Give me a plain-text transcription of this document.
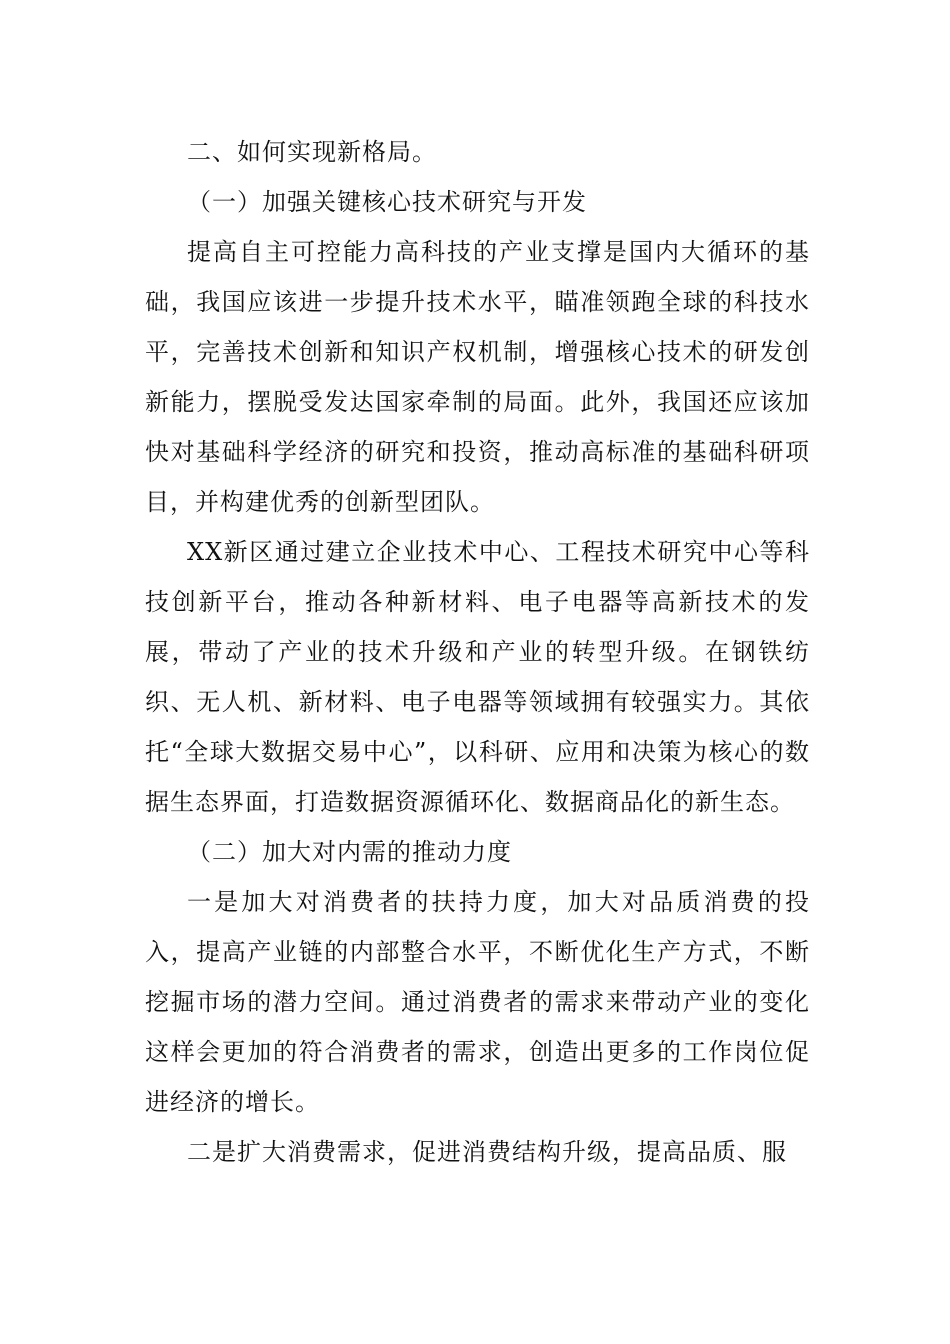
二、如何实现新格局。

（一）加强关键核心技术研究与开发

提高自主可控能力高科技的产业支撑是国内大循环的基础，我国应该进一步提升技术水平，瞄准领跑全球的科技水平，完善技术创新和知识产权机制，增强核心技术的研发创新能力，摆脱受发达国家牵制的局面。此外，我国还应该加快对基础科学经济的研究和投资，推动高标准的基础科研项目，并构建优秀的创新型团队。

XX新区通过建立企业技术中心、工程技术研究中心等科技创新平台，推动各种新材料、电子电器等高新技术的发展，带动了产业的技术升级和产业的转型升级。在钢铁纺织、无人机、新材料、电子电器等领域拥有较强实力。其依托“全球大数据交易中心”，以科研、应用和决策为核心的数据生态界面，打造数据资源循环化、数据商品化的新生态。

（二）加大对内需的推动力度

一是加大对消费者的扶持力度，加大对品质消费的投入，提高产业链的内部整合水平，不断优化生产方式，不断挖掘市场的潜力空间。通过消费者的需求来带动产业的变化这样会更加的符合消费者的需求，创造出更多的工作岗位促进经济的增长。

二是扩大消费需求，促进消费结构升级，提高品质、服
